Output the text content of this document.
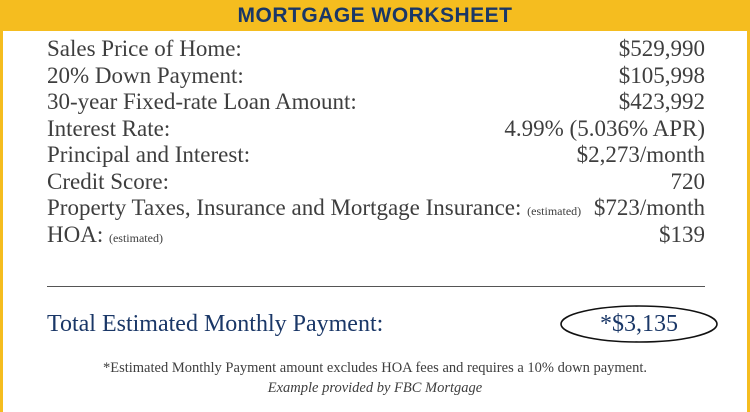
MORTGAGE WORKSHEET
Sales Price of Home:	$529,990
20% Down Payment:	$105,998
30-year Fixed-rate Loan Amount:	$423,992
Interest Rate:	4.99% (5.036% APR)
Principal and Interest:	$2,273/month
Credit Score:	720
Property Taxes, Insurance and Mortgage Insurance: (estimated) $723/month
HOA: (estimated)	$139
Total Estimated Monthly Payment:	*$3,135
*Estimated Monthly Payment amount excludes HOA fees and requires a 10% down payment.
Example provided by FBC Mortgage
